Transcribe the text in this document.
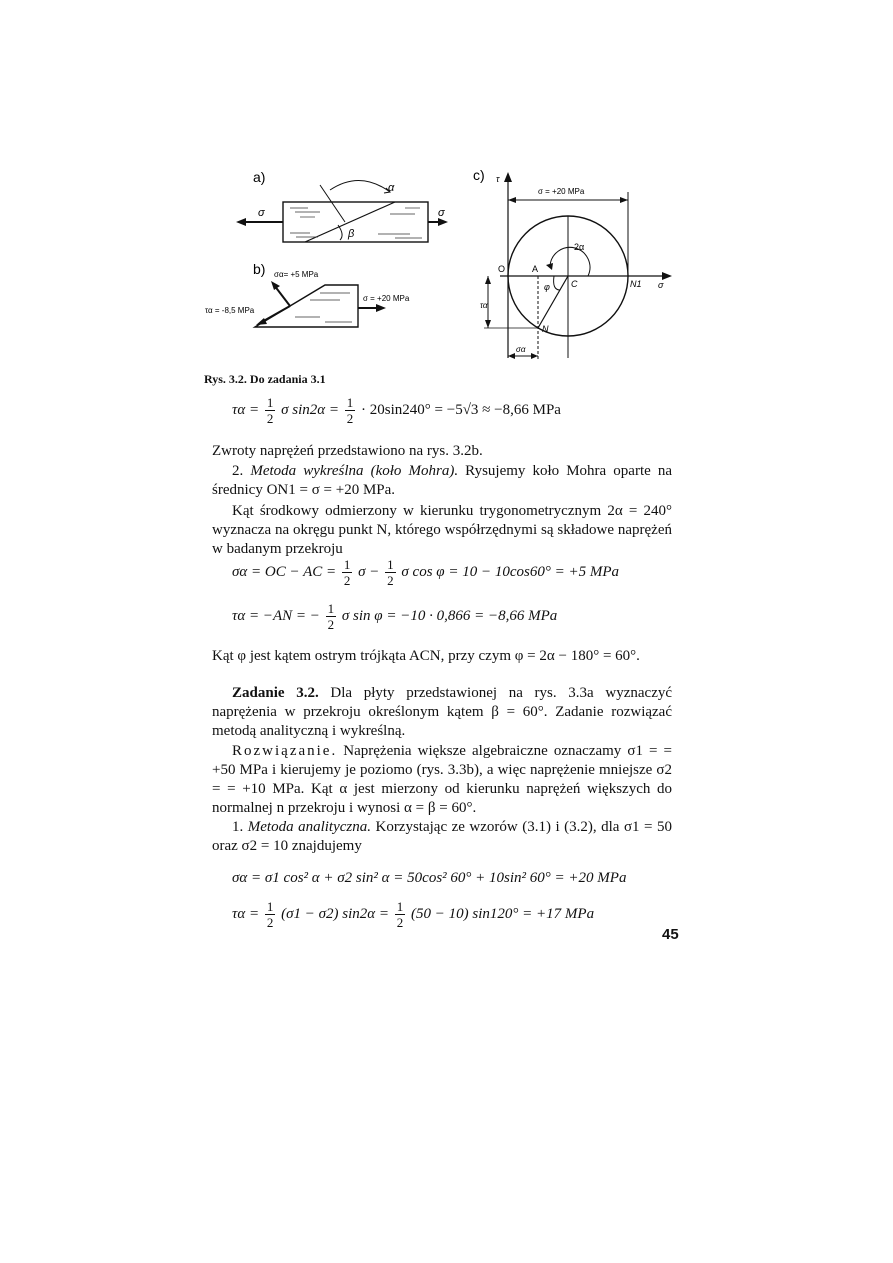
a)
α
β
σ	σ
b) σα= +5 MPa
τα = -8,5 MPa
σ = +20 MPa
c) τ
σ
σ = +20 MPa
2α
τα
σα
O	A
C	N1
N
φ
Rys. 3.2. Do zadania 3.1
$\tau\alpha = \frac{1}{2}$ σ $\sin 2\alpha = \frac{1}{2} \cdot 20\sin 240^\circ = -5√3 \approx -8,66$ MPa
Zwroty naprężeń przedstawiono na rys. 3.2b.
2. Metoda wykreślna (koło Mohra). Rysujemy koło Mohra oparte na średnicy ON1 = σ = +20 MPa.
Kąt środkowy odmierzony w kierunku trygonometrycznym 2α = 240° wyznacza na okręgu punkt N, którego współrzędnymi są składowe naprężeń w badanym przekroju
σα = OC − AC = $\frac{1}{2}$ $\sigma - \frac{1}{2}$ σ cos φ = 10 − 10cos60° = +5 MPa
τα = −AN = − $\frac{1}{2}$ σ sin φ = −10 · 0,866 = −8,66 MPa
Kąt φ jest kątem ostrym trójkąta ACN, przy czym φ = 2α − 180° = 60°.
Zadanie 3.2. Dla płyty przedstawionej na rys. 3.3a wyznaczyć naprężenia w przekroju określonym kątem β = 60°. Zadanie rozwiązać metodą analityczną i wykreślną.
Rozwiązanie. Naprężenia większe algebraiczne oznaczamy σ1 = = +50 MPa i kierujemy je poziomo (rys. 3.3b), a więc naprężenie mniejsze σ2 = = +10 MPa. Kąt α jest mierzony od kierunku naprężeń większych do normalnej n przekroju i wynosi α = β = 60°.
1. Metoda analityczna. Korzystając ze wzorów (3.1) i (3.2), dla σ1 = 50 oraz σ2 = 10 znajdujemy
σα = σ1 cos² α + σ2 sin² α = 50cos² 60° + 10sin² 60° = +20 MPa
$\tau\alpha = \frac{1}{2} (\sigma 1 - \sigma 2) \sin 2\alpha = \frac{1}{2} (50 - 10) \sin 120^\circ = +17$ MPa
45
